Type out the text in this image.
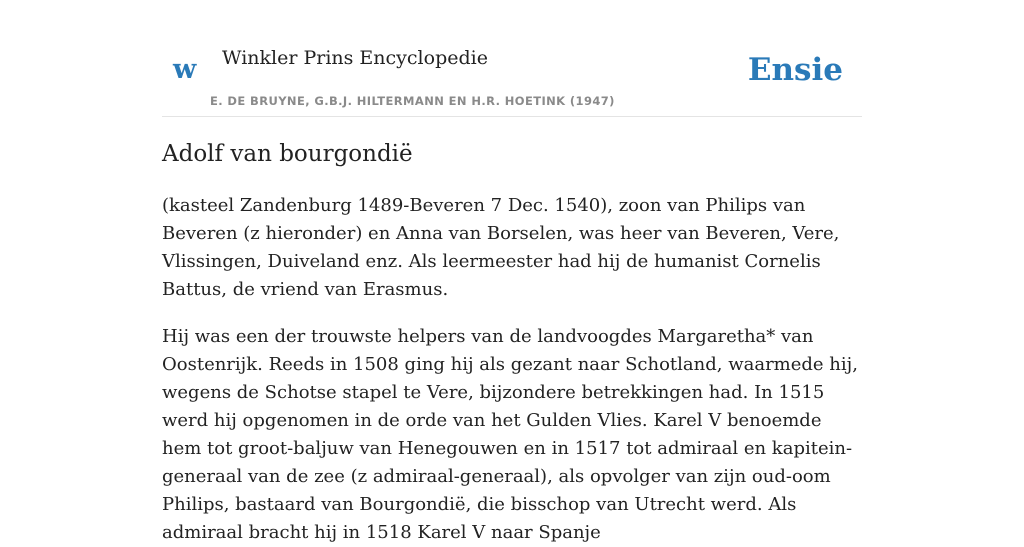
w Winkler Prins Encyclopedie
E. DE BRUYNE, G.B.J. HILTERMANN EN H.R. HOETINK (1947)
Ensie
Adolf van bourgondië

(kasteel Zandenburg 1489-Beveren 7 Dec. 1540), zoon van Philips van Beveren (z hieronder) en Anna van Borselen, was heer van Beveren, Vere, Vlissingen, Duiveland enz. Als leermeester had hij de humanist Cornelis Battus, de vriend van Erasmus.

Hij was een der trouwste helpers van de landvoogdes Margaretha* van Oostenrijk. Reeds in 1508 ging hij als gezant naar Schotland, waarmede hij, wegens de Schotse stapel te Vere, bijzondere betrekkingen had. In 1515 werd hij opgenomen in de orde van het Gulden Vlies. Karel V benoemde hem tot groot-baljuw van Henegouwen en in 1517 tot admiraal en kapitein-generaal van de zee (z admiraal-generaal), als opvolger van zijn oud-oom Philips, bastaard van Bourgondië, die bisschop van Utrecht werd. Als admiraal bracht hij in 1518 Karel V naar Spanje
